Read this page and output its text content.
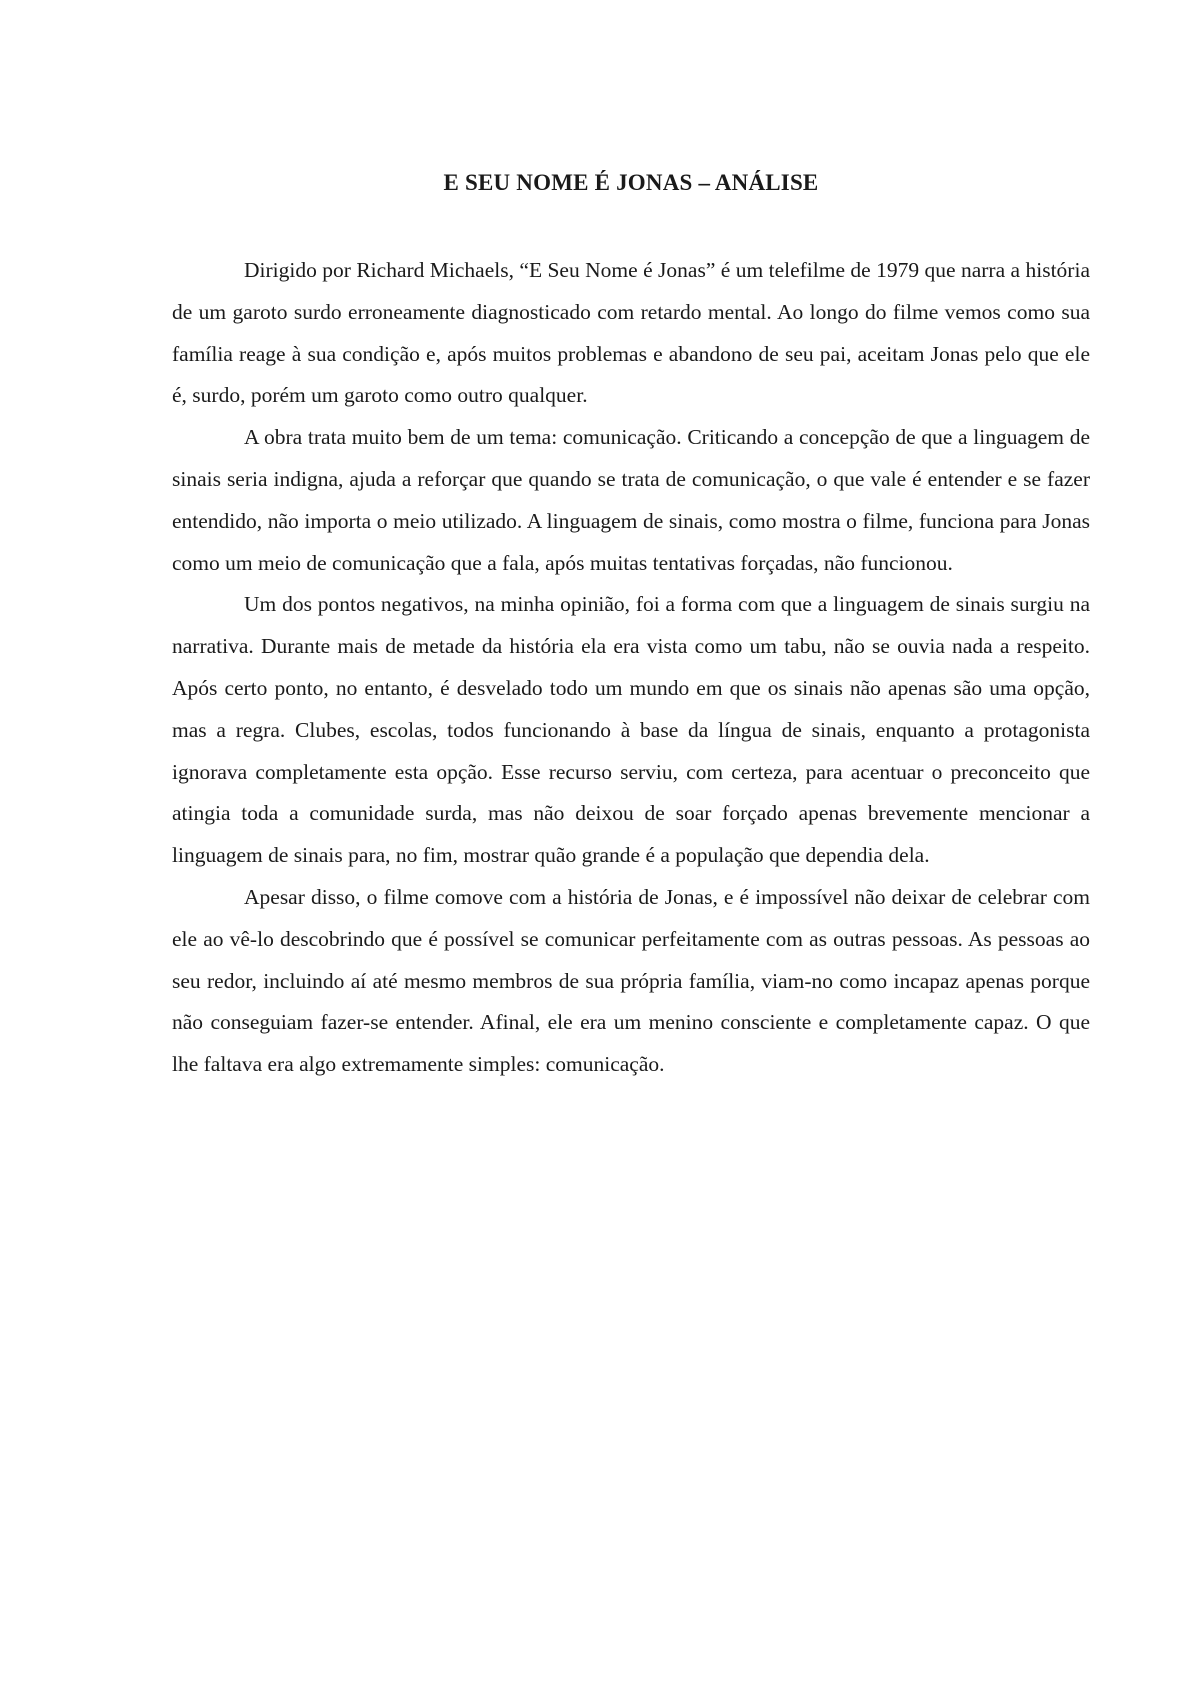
E SEU NOME É JONAS – ANÁLISE

Dirigido por Richard Michaels, “E Seu Nome é Jonas” é um telefilme de 1979 que narra a história de um garoto surdo erroneamente diagnosticado com retardo mental. Ao longo do filme vemos como sua família reage à sua condição e, após muitos problemas e abandono de seu pai, aceitam Jonas pelo que ele é, surdo, porém um garoto como outro qualquer.

A obra trata muito bem de um tema: comunicação. Criticando a concepção de que a linguagem de sinais seria indigna, ajuda a reforçar que quando se trata de comunicação, o que vale é entender e se fazer entendido, não importa o meio utilizado. A linguagem de sinais, como mostra o filme, funciona para Jonas como um meio de comunicação que a fala, após muitas tentativas forçadas, não funcionou.

Um dos pontos negativos, na minha opinião, foi a forma com que a linguagem de sinais surgiu na narrativa. Durante mais de metade da história ela era vista como um tabu, não se ouvia nada a respeito. Após certo ponto, no entanto, é desvelado todo um mundo em que os sinais não apenas são uma opção, mas a regra. Clubes, escolas, todos funcionando à base da língua de sinais, enquanto a protagonista ignorava completamente esta opção. Esse recurso serviu, com certeza, para acentuar o preconceito que atingia toda a comunidade surda, mas não deixou de soar forçado apenas brevemente mencionar a linguagem de sinais para, no fim, mostrar quão grande é a população que dependia dela.

Apesar disso, o filme comove com a história de Jonas, e é impossível não deixar de celebrar com ele ao vê-lo descobrindo que é possível se comunicar perfeitamente com as outras pessoas. As pessoas ao seu redor, incluindo aí até mesmo membros de sua própria família, viam-no como incapaz apenas porque não conseguiam fazer-se entender. Afinal, ele era um menino consciente e completamente capaz. O que lhe faltava era algo extremamente simples: comunicação.
